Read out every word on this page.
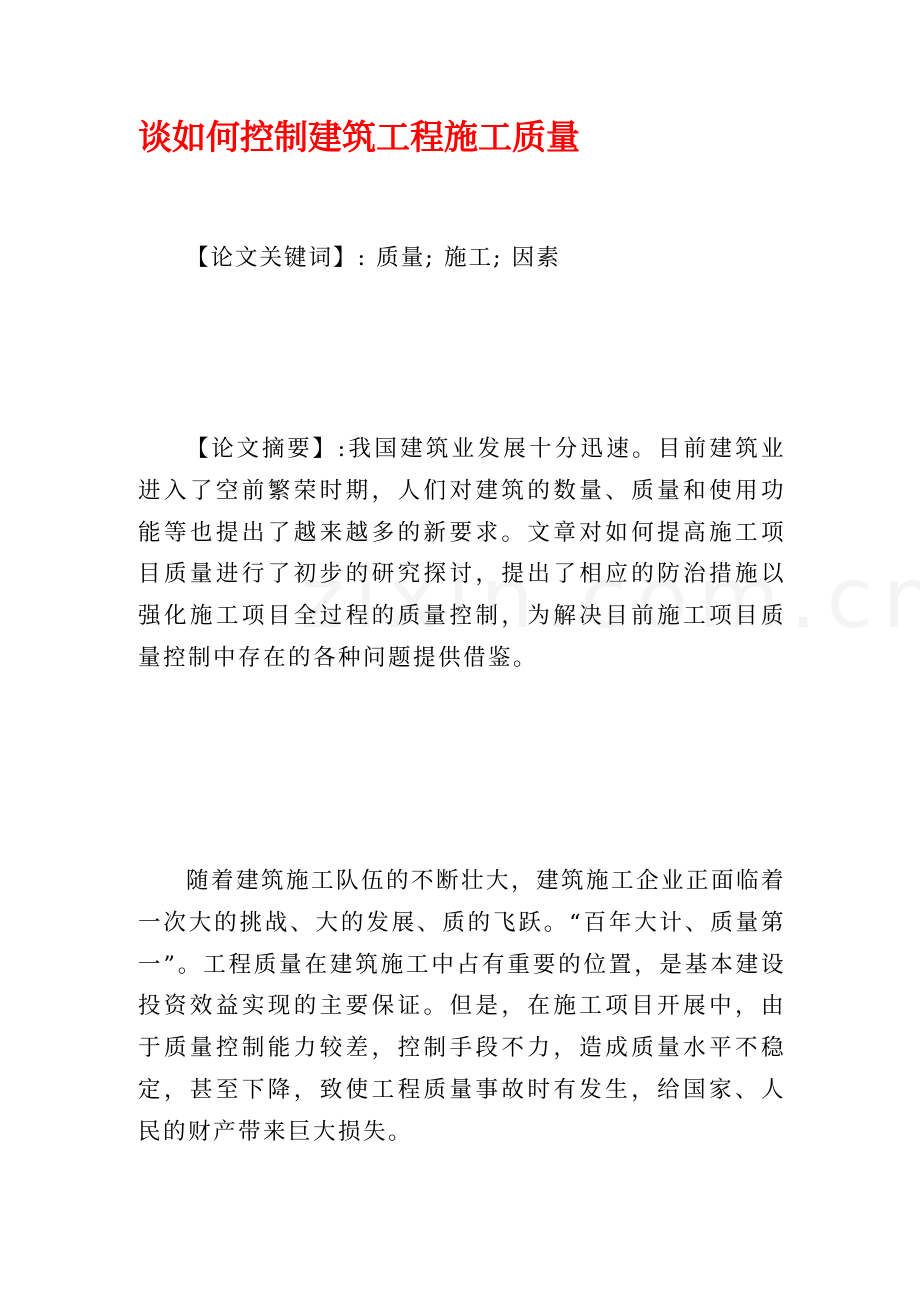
谈如何控制建筑工程施工质量

【论文关键词】: 质量; 施工; 因素

【论文摘要】:我国建筑业发展十分迅速。目前建筑业进入了空前繁荣时期，人们对建筑的数量、质量和使用功能等也提出了越来越多的新要求。文章对如何提高施工项目质量进行了初步的研究探讨，提出了相应的防治措施以强化施工项目全过程的质量控制，为解决目前施工项目质量控制中存在的各种问题提供借鉴。

随着建筑施工队伍的不断壮大，建筑施工企业正面临着一次大的挑战、大的发展、质的飞跃。“百年大计、质量第一”。工程质量在建筑施工中占有重要的位置，是基本建设投资效益实现的主要保证。但是，在施工项目开展中，由于质量控制能力较差，控制手段不力，造成质量水平不稳定，甚至下降，致使工程质量事故时有发生，给国家、人民的财产带来巨大损失。
